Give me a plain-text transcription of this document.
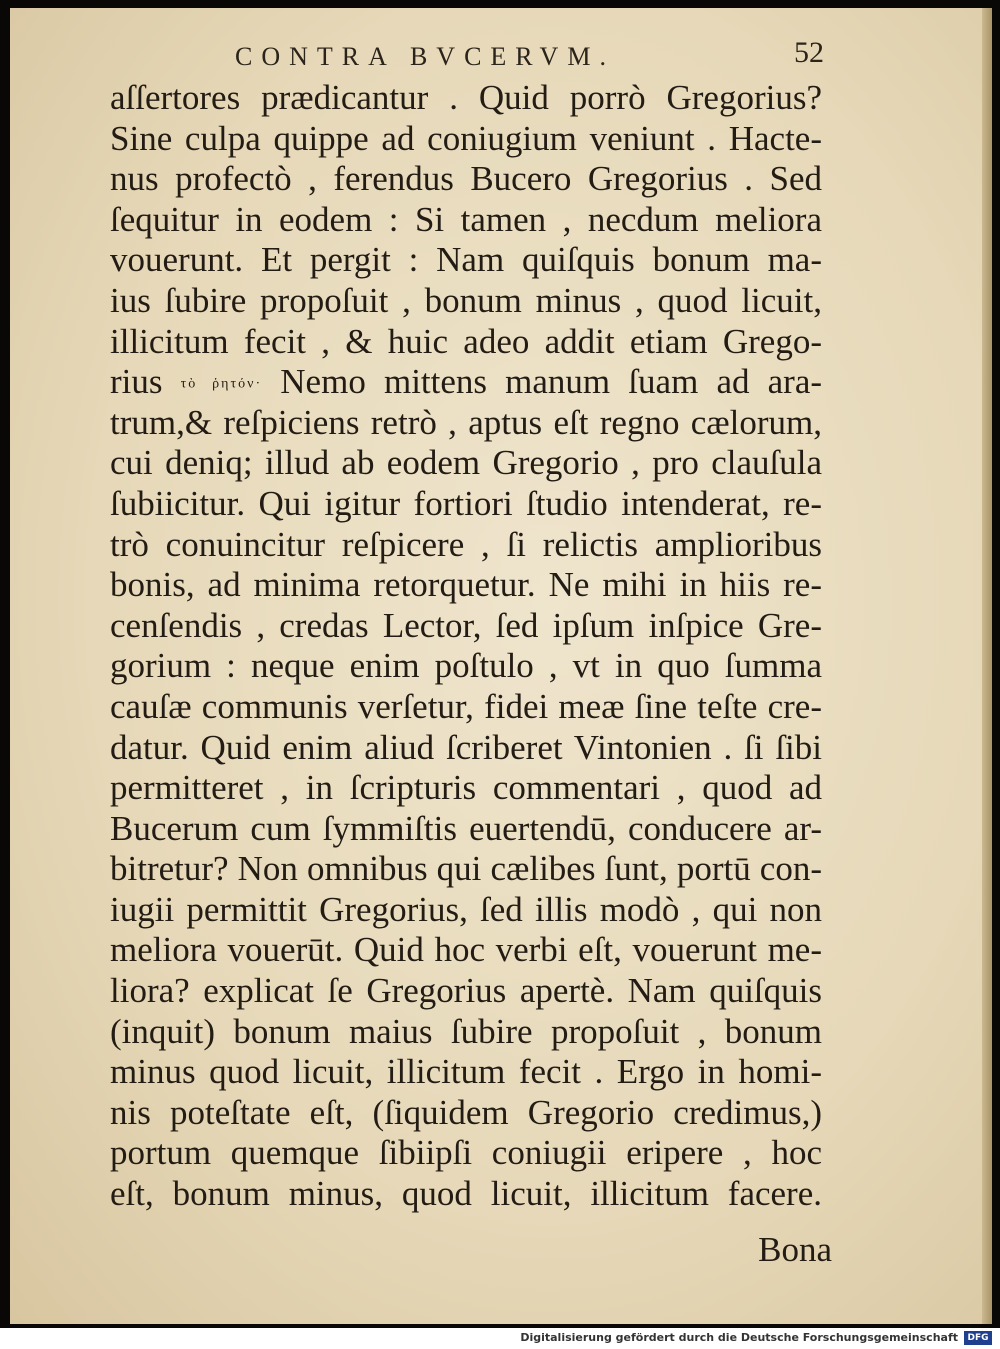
CONTRA BVCERVM.	52
aſſertores prædicantur . Quid porrò Gregorius?
Sine culpa quippe ad coniugium veniunt . Hacte-
nus profectò , ferendus Bucero Gregorius . Sed
ſequitur in eodem : Si tamen , necdum meliora
vouerunt. Et pergit : Nam quiſquis bonum ma-
ius ſubire propoſuit , bonum minus , quod licuit,
illicitum fecit , & huic adeo addit etiam Grego-
rius τὸ ῥητόν· Nemo mittens manum ſuam ad ara-
trum,& reſpiciens retrò , aptus eſt regno cælorum,
cui deniq; illud ab eodem Gregorio , pro clauſula
ſubiicitur. Qui igitur fortiori ſtudio intenderat, re-
trò conuincitur reſpicere , ſi relictis amplioribus
bonis, ad minima retorquetur. Ne mihi in hiis re-
cenſendis , credas Lector, ſed ipſum inſpice Gre-
gorium : neque enim poſtulo , vt in quo ſumma
cauſæ communis verſetur, fidei meæ ſine teſte cre-
datur. Quid enim aliud ſcriberet Vintonien . ſi ſibi
permitteret , in ſcripturis commentari , quod ad
Bucerum cum ſymmiſtis euertendū, conducere ar-
bitretur? Non omnibus qui cælibes ſunt, portū con-
iugii permittit Gregorius, ſed illis modò , qui non
meliora vouerūt. Quid hoc verbi eſt, vouerunt me-
liora? explicat ſe Gregorius apertè. Nam quiſquis
(inquit) bonum maius ſubire propoſuit , bonum
minus quod licuit, illicitum fecit . Ergo in homi-
nis poteſtate eſt, (ſiquidem Gregorio credimus,)
portum quemque ſibiipſi coniugii eripere , hoc
eſt, bonum minus, quod licuit, illicitum facere.
Bona
Digitalisierung gefördert durch die Deutsche Forschungsgemeinschaft	DFG
